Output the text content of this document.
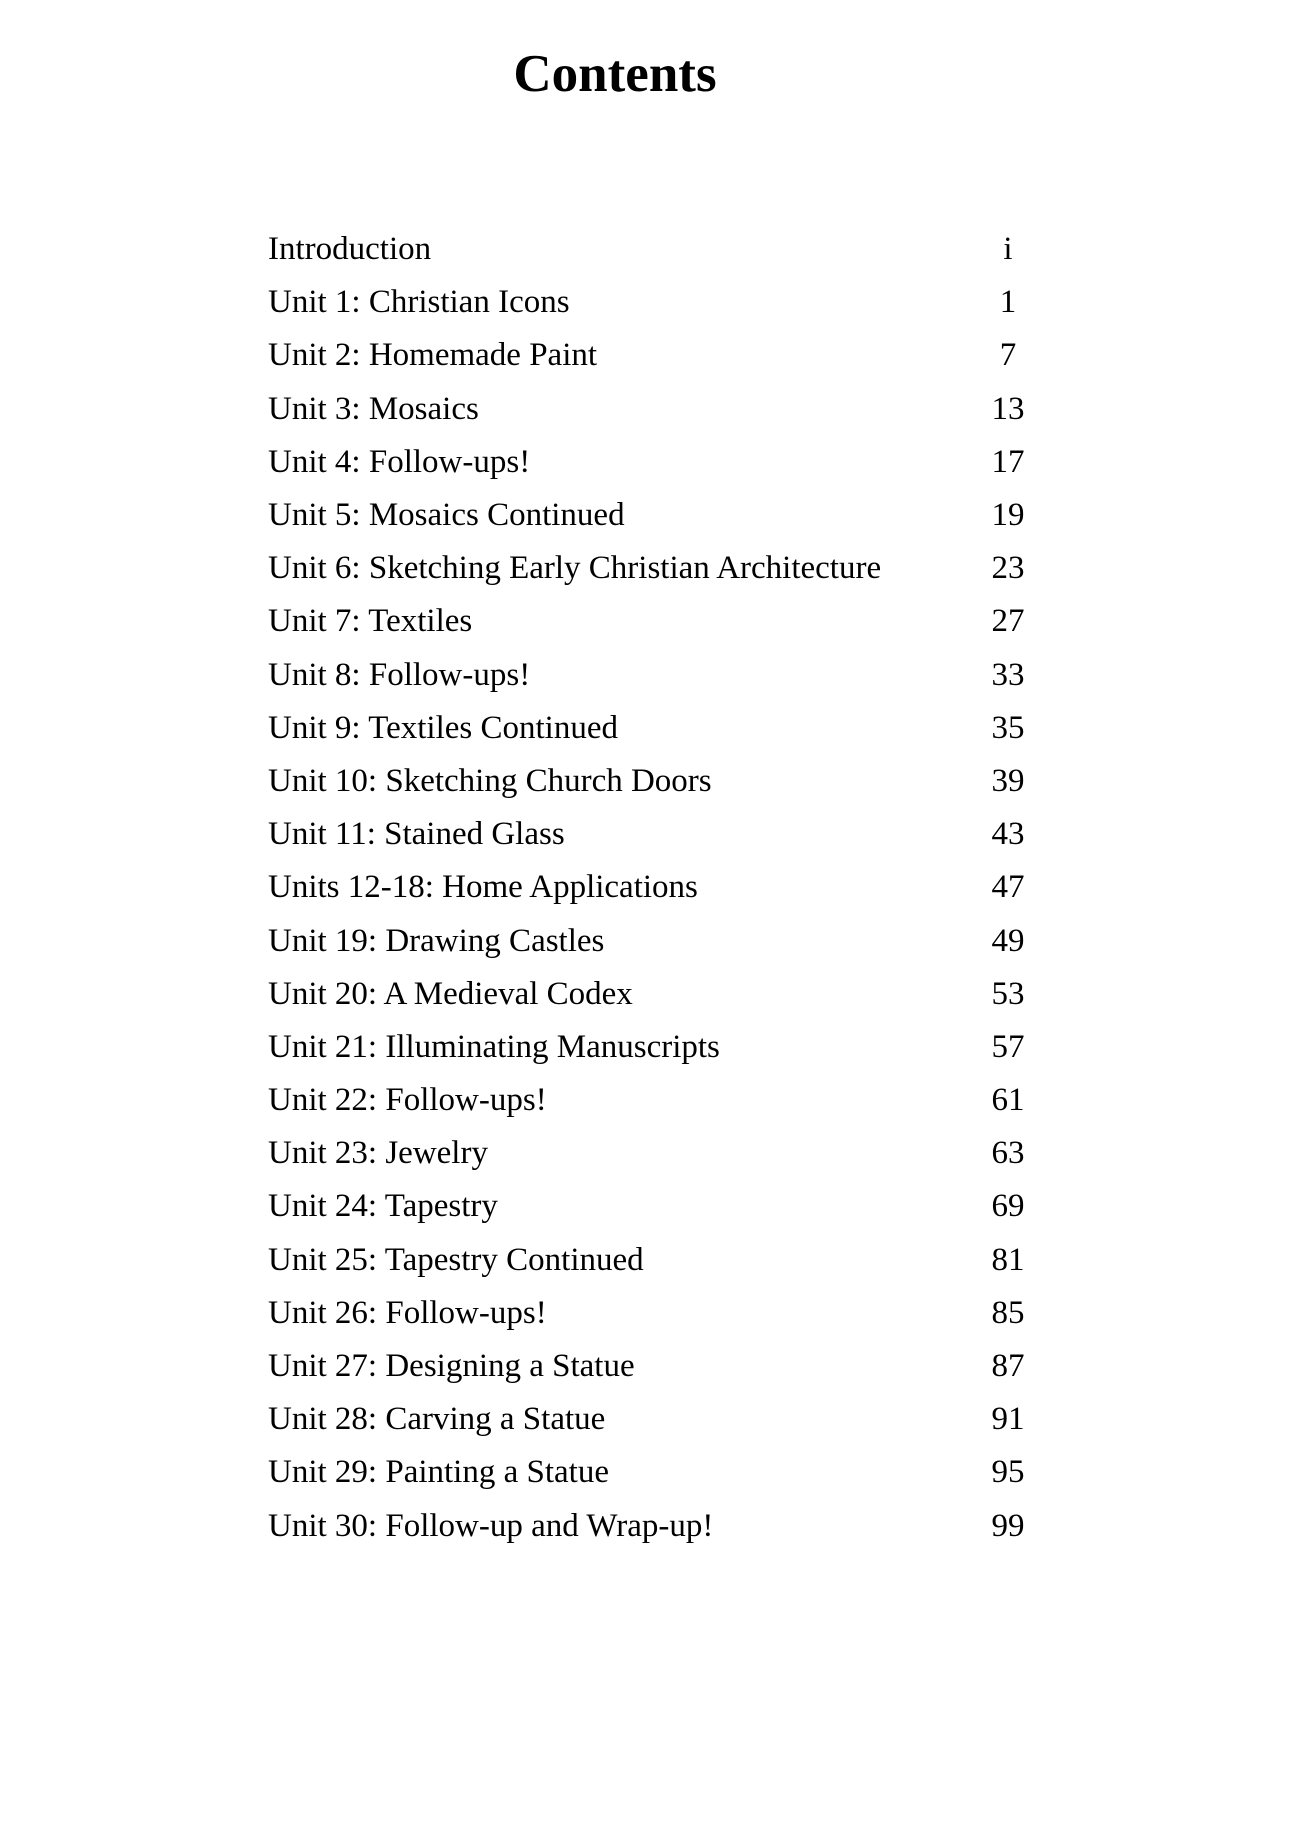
Contents
Introduction	i
Unit 1: Christian Icons	1
Unit 2: Homemade Paint	7
Unit 3: Mosaics	13
Unit 4: Follow-ups!	17
Unit 5: Mosaics Continued	19
Unit 6: Sketching Early Christian Architecture	23
Unit 7: Textiles	27
Unit 8: Follow-ups!	33
Unit 9: Textiles Continued	35
Unit 10: Sketching Church Doors	39
Unit 11: Stained Glass	43
Units 12-18: Home Applications	47
Unit 19: Drawing Castles	49
Unit 20: A Medieval Codex	53
Unit 21: Illuminating Manuscripts	57
Unit 22: Follow-ups!	61
Unit 23: Jewelry	63
Unit 24: Tapestry	69
Unit 25: Tapestry Continued	81
Unit 26: Follow-ups!	85
Unit 27: Designing a Statue	87
Unit 28: Carving a Statue	91
Unit 29: Painting a Statue	95
Unit 30: Follow-up and Wrap-up!	99
